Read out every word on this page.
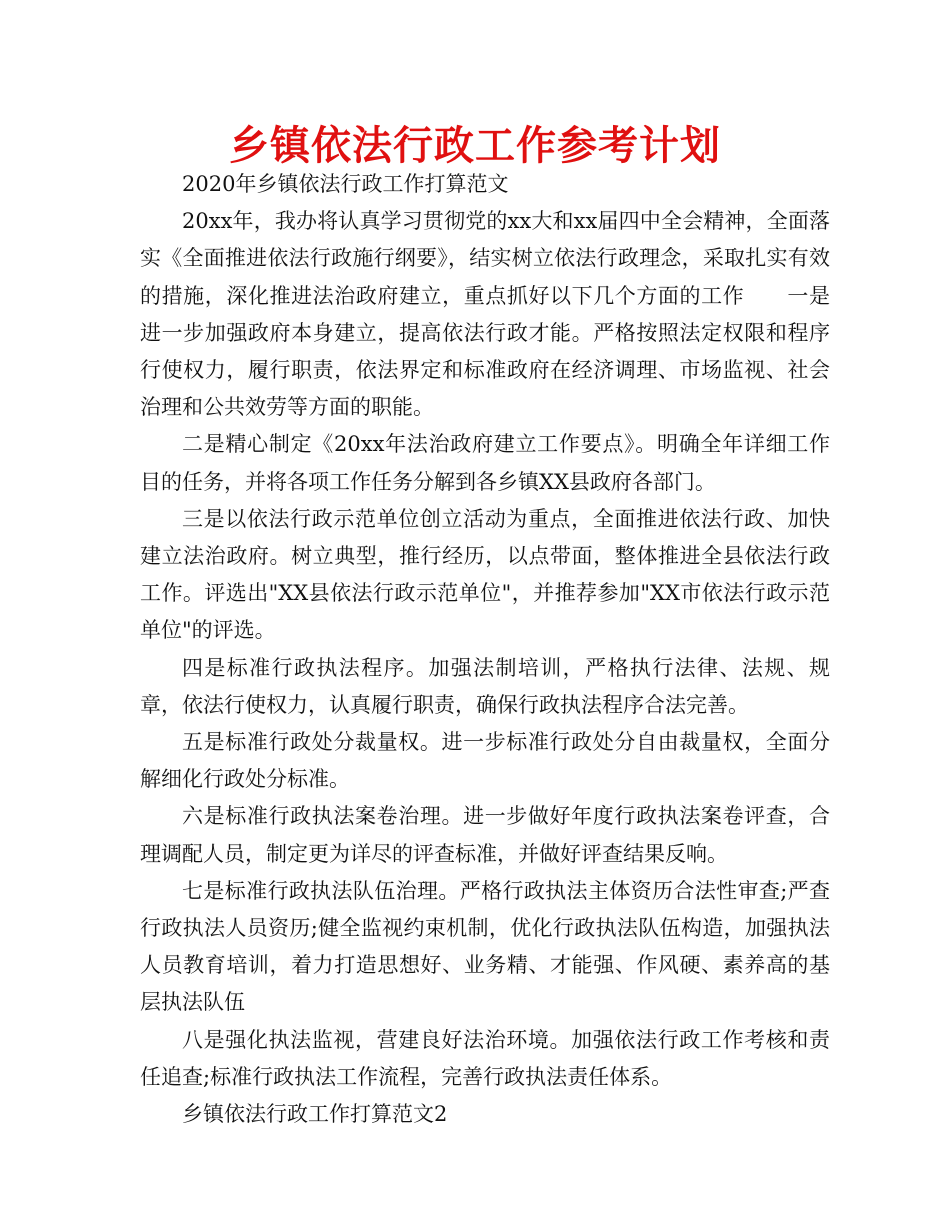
乡镇依法行政工作参考计划

2020年乡镇依法行政工作打算范文

20xx年，我办将认真学习贯彻党的xx大和xx届四中全会精神，全面落实《全面推进依法行政施行纲要》，结实树立依法行政理念，采取扎实有效的措施，深化推进法治政府建立，重点抓好以下几个方面的工作　　一是进一步加强政府本身建立，提高依法行政才能。严格按照法定权限和程序行使权力，履行职责，依法界定和标准政府在经济调理、市场监视、社会治理和公共效劳等方面的职能。

二是精心制定《20xx年法治政府建立工作要点》。明确全年详细工作目的任务，并将各项工作任务分解到各乡镇XX县政府各部门。

三是以依法行政示范单位创立活动为重点，全面推进依法行政、加快建立法治政府。树立典型，推行经历，以点带面，整体推进全县依法行政工作。评选出"XX县依法行政示范单位"，并推荐参加"XX市依法行政示范单位"的评选。

四是标准行政执法程序。加强法制培训，严格执行法律、法规、规章，依法行使权力，认真履行职责，确保行政执法程序合法完善。

五是标准行政处分裁量权。进一步标准行政处分自由裁量权，全面分解细化行政处分标准。

六是标准行政执法案卷治理。进一步做好年度行政执法案卷评查，合理调配人员，制定更为详尽的评查标准，并做好评查结果反响。

七是标准行政执法队伍治理。严格行政执法主体资历合法性审查;严查行政执法人员资历;健全监视约束机制，优化行政执法队伍构造，加强执法人员教育培训，着力打造思想好、业务精、才能强、作风硬、素养高的基层执法队伍

八是强化执法监视，营建良好法治环境。加强依法行政工作考核和责任追查;标准行政执法工作流程，完善行政执法责任体系。

乡镇依法行政工作打算范文2
